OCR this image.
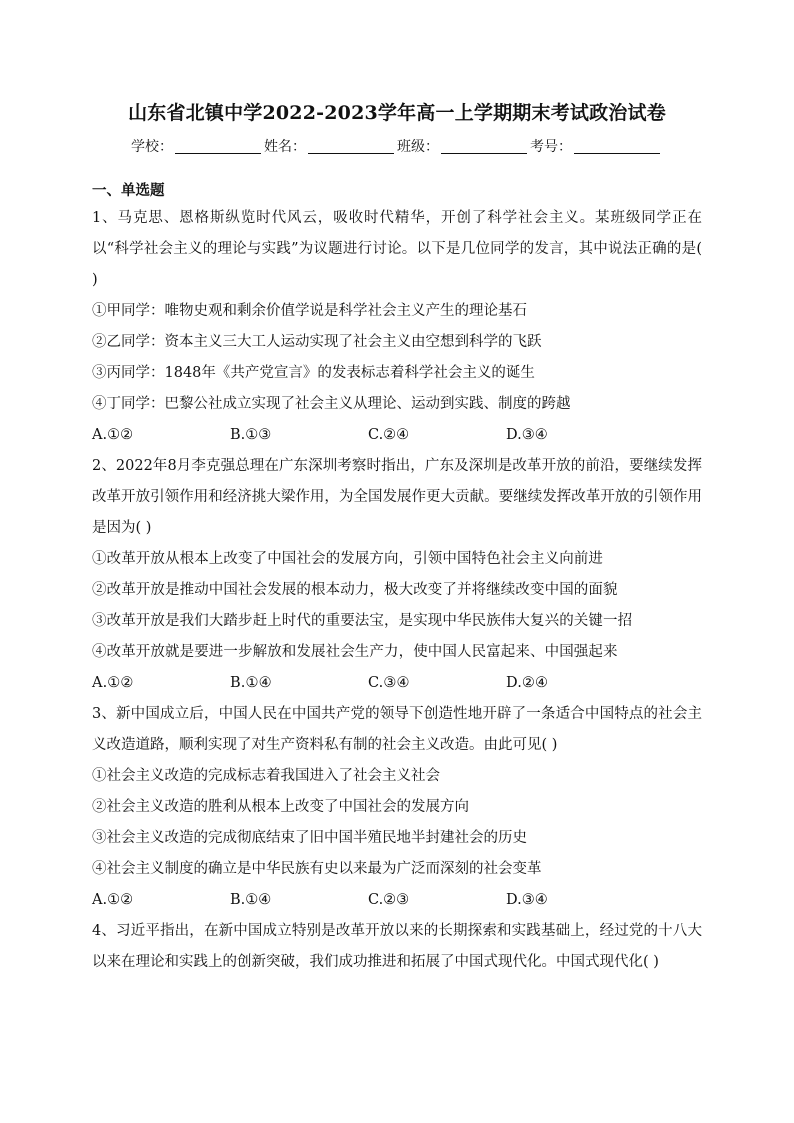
山东省北镇中学2022-2023学年高一上学期期末考试政治试卷
学校：	姓名：	班级：	考号：
一、单选题
1、马克思、恩格斯纵览时代风云，吸收时代精华，开创了科学社会主义。某班级同学正在以“科学社会主义的理论与实践”为议题进行讨论。以下是几位同学的发言，其中说法正确的是( )
①甲同学：唯物史观和剩余价值学说是科学社会主义产生的理论基石
②乙同学：资本主义三大工人运动实现了社会主义由空想到科学的飞跃
③丙同学：1848年《共产党宣言》的发表标志着科学社会主义的诞生
④丁同学：巴黎公社成立实现了社会主义从理论、运动到实践、制度的跨越
A.①②	B.①③	C.②④	D.③④
2、2022年8月李克强总理在广东深圳考察时指出，广东及深圳是改革开放的前沿，要继续发挥改革开放引领作用和经济挑大梁作用，为全国发展作更大贡献。要继续发挥改革开放的引领作用是因为( )
①改革开放从根本上改变了中国社会的发展方向，引领中国特色社会主义向前进
②改革开放是推动中国社会发展的根本动力，极大改变了并将继续改变中国的面貌
③改革开放是我们大踏步赶上时代的重要法宝，是实现中华民族伟大复兴的关键一招
④改革开放就是要进一步解放和发展社会生产力，使中国人民富起来、中国强起来
A.①②	B.①④	C.③④	D.②④
3、新中国成立后，中国人民在中国共产党的领导下创造性地开辟了一条适合中国特点的社会主义改造道路，顺利实现了对生产资料私有制的社会主义改造。由此可见( )
①社会主义改造的完成标志着我国进入了社会主义社会
②社会主义改造的胜利从根本上改变了中国社会的发展方向
③社会主义改造的完成彻底结束了旧中国半殖民地半封建社会的历史
④社会主义制度的确立是中华民族有史以来最为广泛而深刻的社会变革
A.①②	B.①④	C.②③	D.③④
4、习近平指出，在新中国成立特别是改革开放以来的长期探索和实践基础上，经过党的十八大以来在理论和实践上的创新突破，我们成功推进和拓展了中国式现代化。中国式现代化( )
